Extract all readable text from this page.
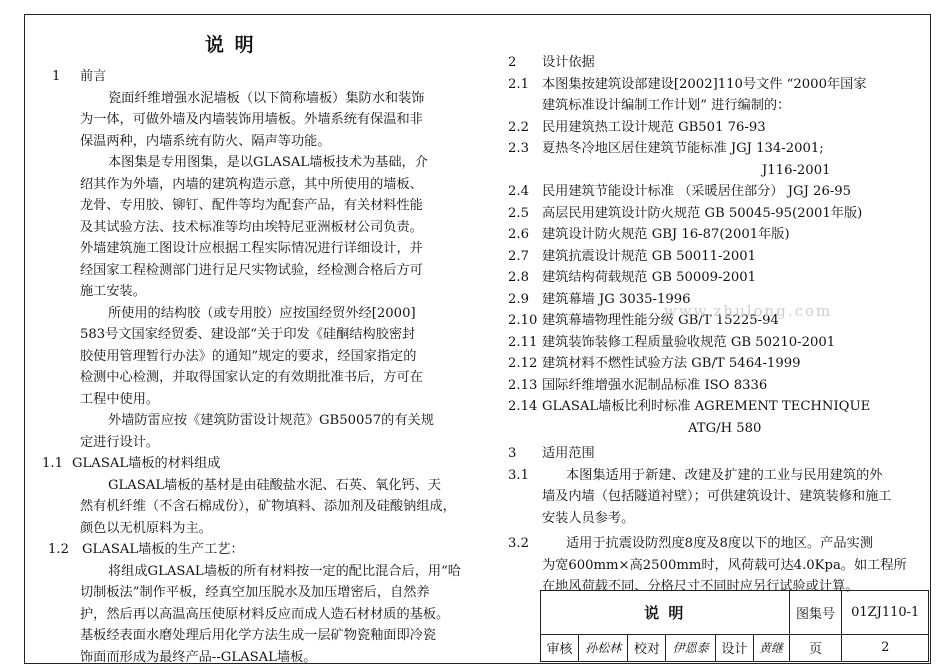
说 明
1	前言
瓷面纤维增强水泥墙板（以下简称墙板）集防水和装饰
为一体，可做外墙及内墙装饰用墙板。外墙系统有保温和非
保温两种，内墙系统有防火、隔声等功能。
本图集是专用图集，是以GLASAL墙板技术为基础，介
绍其作为外墙，内墙的建筑构造示意，其中所使用的墙板、
龙骨、专用胶、铆钉、配件等均为配套产品，有关材料性能
及其试验方法、技术标准等均由埃特尼亚洲板材公司负责。
外墙建筑施工图设计应根据工程实际情况进行详细设计，并
经国家工程检测部门进行足尺实物试验，经检测合格后方可
施工安装。
所使用的结构胶（或专用胶）应按国经贸外经[2000]
583号文国家经贸委、建设部“关于印发《硅酮结构胶密封
胶使用管理暂行办法》的通知”规定的要求，经国家指定的
检测中心检测，并取得国家认定的有效期批准书后，方可在
工程中使用。
外墙防雷应按《建筑防雷设计规范》GB50057的有关规
定进行设计。
1.1 GLASAL墙板的材料组成
GLASAL墙板的基材是由硅酸盐水泥、石英、氧化钙、天
然有机纤维（不含石棉成份），矿物填料、添加剂及硅酸钠组成，
颜色以无机原料为主。
1.2 GLASAL墙板的生产工艺：
将组成GLASAL墙板的所有材料按一定的配比混合后，用“哈
切制板法”制作平板，经真空加压脱水及加压增密后，自然养
护，然后再以高温高压使原材料反应而成人造石材材质的基板。
基板经表面水磨处理后用化学方法生成一层矿物瓷釉面即冷瓷
饰面而形成为最终产品--GLASAL墙板。
2	设计依据
2.1 本图集按建筑设部建设[2002]110号文件 “2000年国家
建筑标准设计编制工作计划” 进行编制的：
2.2 民用建筑热工设计规范 GB501 76-93
2.3 夏热冬冷地区居住建筑节能标准 JGJ 134-2001;
J116-2001
2.4 民用建筑节能设计标准 （采暖居住部分） JGJ 26-95
2.5 高层民用建筑设计防火规范 GB 50045-95(2001年版)
2.6 建筑设计防火规范 GBJ 16-87(2001年版)
2.7 建筑抗震设计规范 GB 50011-2001
2.8 建筑结构荷载规范 GB 50009-2001
2.9 建筑幕墙 JG 3035-1996
2.10 建筑幕墙物理性能分级 GB/T 15225-94
2.11 建筑装饰装修工程质量验收规范 GB 50210-2001
2.12 建筑材料不燃性试验方法 GB/T 5464-1999
2.13 国际纤维增强水泥制品标准 ISO 8336
2.14 GLASAL墙板比利时标准 AGREMENT TECHNIQUE
ATG/H 580
3	适用范围
3.1	本图集适用于新建、改建及扩建的工业与民用建筑的外
墙及内墙（包括隧道衬壁）；可供建筑设计、建筑装修和施工
安装人员参考。
3.2	适用于抗震设防烈度8度及8度以下的地区。产品实测
为宽600mm×高2500mm时，风荷载可达4.0Kpa。如工程所
在地风荷载不同、分格尺寸不同时应另行试验或计算。
www.zhulong.com
说 明						图集号	01ZJ110-1
审核	孙松林	校对	伊恩泰	设计	黄继	页	2
